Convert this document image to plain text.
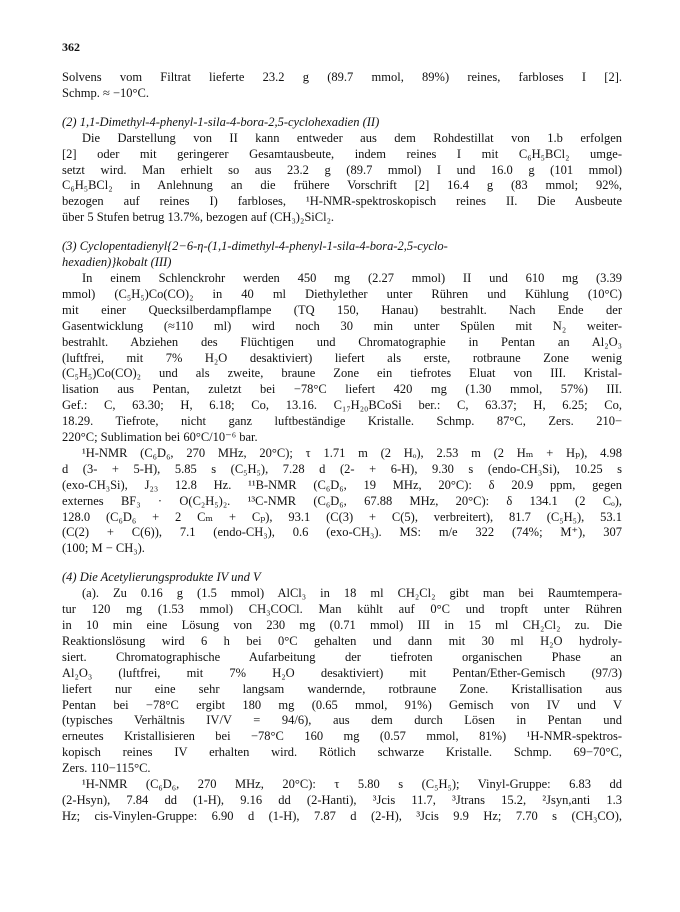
362
Solvens vom Filtrat lieferte 23.2 g (89.7 mmol, 89%) reines, farbloses I [2].
Schmp. ≈ −10°C.
(2) 1,1-Dimethyl-4-phenyl-1-sila-4-bora-2,5-cyclohexadien (II)
Die Darstellung von II kann entweder aus dem Rohdestillat von 1.b erfolgen
[2] oder mit geringerer Gesamtausbeute, indem reines I mit C₆H₅BCl₂ umge-
setzt wird. Man erhielt so aus 23.2 g (89.7 mmol) I und 16.0 g (101 mmol)
C₆H₅BCl₂ in Anlehnung an die frühere Vorschrift [2] 16.4 g (83 mmol; 92%,
bezogen auf reines I) farbloses, ¹H-NMR-spektroskopisch reines II. Die Ausbeute
über 5 Stufen betrug 13.7%, bezogen auf (CH₃)₂SiCl₂.
(3) Cyclopentadienyl{2−6-η-(1,1-dimethyl-4-phenyl-1-sila-4-bora-2,5-cyclo-
hexadien)}kobalt (III)
In einem Schlenckrohr werden 450 mg (2.27 mmol) II und 610 mg (3.39
mmol) (C₅H₅)Co(CO)₂ in 40 ml Diethylether unter Rühren und Kühlung (10°C)
mit einer Quecksilberdampflampe (TQ 150, Hanau) bestrahlt. Nach Ende der
Gasentwicklung (≈110 ml) wird noch 30 min unter Spülen mit N₂ weiter-
bestrahlt. Abziehen des Flüchtigen und Chromatographie in Pentan an Al₂O₃
(luftfrei, mit 7% H₂O desaktiviert) liefert als erste, rotbraune Zone wenig
(C₅H₅)Co(CO)₂ und als zweite, braune Zone ein tiefrotes Eluat von III. Kristal-
lisation aus Pentan, zuletzt bei −78°C liefert 420 mg (1.30 mmol, 57%) III.
Gef.: C, 63.30; H, 6.18; Co, 13.16. C₁₇H₂₀BCoSi ber.: C, 63.37; H, 6.25; Co,
18.29. Tiefrote, nicht ganz luftbeständige Kristalle. Schmp. 87°C, Zers. 210−
220°C; Sublimation bei 60°C/10⁻⁶ bar.
¹H-NMR (C₆D₆, 270 MHz, 20°C); τ 1.71 m (2 Hₒ), 2.53 m (2 Hₘ + Hₚ), 4.98
d (3- + 5-H), 5.85 s (C₅H₅), 7.28 d (2- + 6-H), 9.30 s (endo-CH₃Si), 10.25 s
(exo-CH₃Si), J₂₃ 12.8 Hz. ¹¹B-NMR (C₆D₆, 19 MHz, 20°C): δ 20.9 ppm, gegen
externes BF₃ · O(C₂H₅)₂. ¹³C-NMR (C₆D₆, 67.88 MHz, 20°C): δ 134.1 (2 Cₒ),
128.0 (C₆D₆ + 2 Cₘ + Cₚ), 93.1 (C(3) + C(5), verbreitert), 81.7 (C₅H₅), 53.1
(C(2) + C(6)), 7.1 (endo-CH₃), 0.6 (exo-CH₃). MS: m/e 322 (74%; M⁺), 307
(100; M − CH₃).
(4) Die Acetylierungsprodukte IV und V
(a). Zu 0.16 g (1.5 mmol) AlCl₃ in 18 ml CH₂Cl₂ gibt man bei Raumtempera-
tur 120 mg (1.53 mmol) CH₃COCl. Man kühlt auf 0°C und tropft unter Rühren
in 10 min eine Lösung von 230 mg (0.71 mmol) III in 15 ml CH₂Cl₂ zu. Die
Reaktionslösung wird 6 h bei 0°C gehalten und dann mit 30 ml H₂O hydroly-
siert. Chromatographische Aufarbeitung der tiefroten organischen Phase an
Al₂O₃ (luftfrei, mit 7% H₂O desaktiviert) mit Pentan/Ether-Gemisch (97/3)
liefert nur eine sehr langsam wandernde, rotbraune Zone. Kristallisation aus
Pentan bei −78°C ergibt 180 mg (0.65 mmol, 91%) Gemisch von IV und V
(typisches Verhältnis IV/V = 94/6), aus dem durch Lösen in Pentan und
erneutes Kristallisieren bei −78°C 160 mg (0.57 mmol, 81%) ¹H-NMR-spektros-
kopisch reines IV erhalten wird. Rötlich schwarze Kristalle. Schmp. 69−70°C,
Zers. 110−115°C.
¹H-NMR (C₆D₆, 270 MHz, 20°C): τ 5.80 s (C₅H₅); Vinyl-Gruppe: 6.83 dd
(2-Hsyn), 7.84 dd (1-H), 9.16 dd (2-Hanti), ³Jcis 11.7, ³Jtrans 15.2, ²Jsyn,anti 1.3
Hz; cis-Vinylen-Gruppe: 6.90 d (1-H), 7.87 d (2-H), ³Jcis 9.9 Hz; 7.70 s (CH₃CO),
